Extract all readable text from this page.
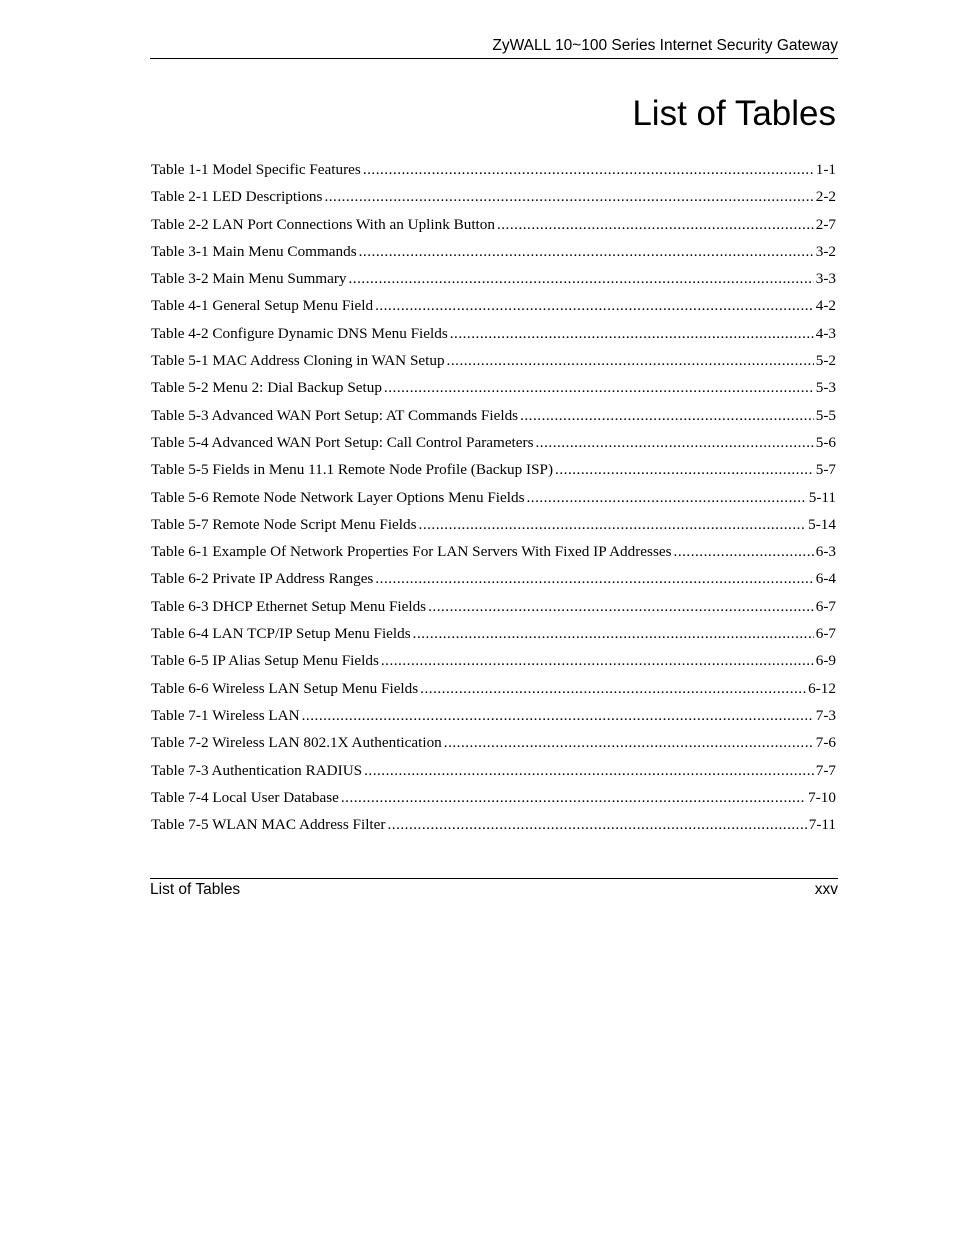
ZyWALL 10~100 Series Internet Security Gateway
List of Tables
Table 1-1 Model Specific Features .....	1-1
Table 2-1 LED Descriptions .....	2-2
Table 2-2 LAN Port Connections With an Uplink Button .....	2-7
Table 3-1 Main Menu Commands .....	3-2
Table 3-2 Main Menu Summary .....	3-3
Table 4-1 General Setup Menu Field .....	4-2
Table 4-2 Configure Dynamic DNS Menu Fields .....	4-3
Table 5-1 MAC Address Cloning in WAN Setup .....	5-2
Table 5-2 Menu 2: Dial Backup Setup .....	5-3
Table 5-3 Advanced WAN Port Setup: AT Commands Fields .....	5-5
Table 5-4 Advanced WAN Port Setup: Call Control Parameters .....	5-6
Table 5-5 Fields in Menu 11.1 Remote Node Profile (Backup ISP) .....	5-7
Table 5-6 Remote Node Network Layer Options Menu Fields .....	5-11
Table 5-7 Remote Node Script Menu Fields .....	5-14
Table 6-1 Example Of Network Properties For LAN Servers With Fixed IP Addresses .....	6-3
Table 6-2 Private IP Address Ranges .....	6-4
Table 6-3 DHCP Ethernet Setup Menu Fields .....	6-7
Table 6-4 LAN TCP/IP Setup Menu Fields .....	6-7
Table 6-5 IP Alias Setup Menu Fields .....	6-9
Table 6-6 Wireless LAN Setup Menu Fields .....	6-12
Table 7-1 Wireless LAN .....	7-3
Table 7-2 Wireless LAN 802.1X Authentication .....	7-6
Table 7-3 Authentication RADIUS .....	7-7
Table 7-4 Local User Database .....	7-10
Table 7-5 WLAN MAC Address Filter .....	7-11
List of Tables	xxv
